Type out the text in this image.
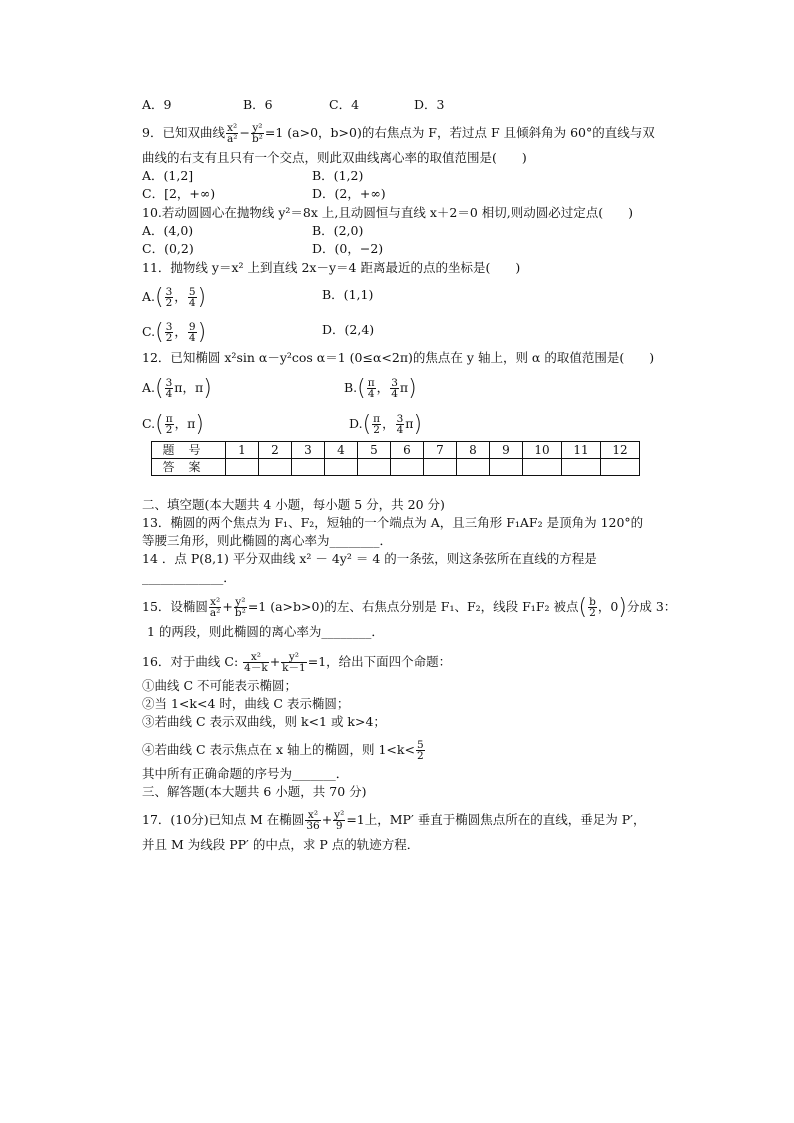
A．9	B．6	C．4	D．3
9．已知双曲线 $\frac{\text{x²}}{\text{a²}} - \frac{\text{y²}}{\text{b²}} =1$ (a>0，b>0)的右焦点为 F，若过点 F 且倾斜角为 60°的直线与双
曲线的右支有且只有一个交点，则此双曲线离心率的取值范围是(　　)
A．(1,2]	B．(1,2)
C．[2，+∞)	D．(2，+∞)
10.若动圆圆心在抛物线 y²＝8x 上,且动圆恒与直线 x＋2＝0 相切,则动圆必过定点(　　)
A．(4,0)	B．(2,0)
C．(0,2)	D．(0，−2)
11．抛物线 y＝x² 上到直线 2x－y＝4 距离最近的点的坐标是(　　)
$A.( \frac{3}{2}$ ， $\frac{5}{4}$ )	B．(1,1)
$C.( \frac{3}{2}$ ， $\frac{9}{4}$ )	D．(2,4)
12．已知椭圆 x²sin α－y²cos α＝1 (0≤α<2π)的焦点在 y 轴上，则 α 的取值范围是(　　)
$A.( \frac{3}{4}$ π，π)	$B.( \frac{\pi}{4}$ ， $\frac{3}{4} \pi$)
$C.( \frac{\pi}{2}$ ，π)	$D.( \frac{\pi}{2}$ ， $\frac{3}{4} \pi$)
题号	1	2	3	4	5	6	7	8	9	10	11	12
答案												
二、填空题(本大题共 4 小题，每小题 5 分，共 20 分)
13．椭圆的两个焦点为 F₁、F₂，短轴的一个端点为 A，且三角形 F₁AF₂ 是顶角为 120°的
等腰三角形，则此椭圆的离心率为________．
14 ．点 P(8,1) 平分双曲线 x² － 4y² ＝ 4 的一条弦，则这条弦所在直线的方程是
_____________．
15．设椭圆 $\frac{\text{x²}}{\text{a²}} + \frac{\text{y²}}{\text{b²}} =1$ (a>b>0)的左、右焦点分别是 F₁、F₂，线段 F₁F₂ 被点( $\frac{b}{2}$ ，0)分成 3：
1 的两段，则此椭圆的离心率为________．
16．对于曲线 C: $\frac{\text{x²}}{4-k} + \frac{\text{y²}}{k-1} =1$，给出下面四个命题：
①曲线 C 不可能表示椭圆；
②当 1<k<4 时，曲线 C 表示椭圆；
③若曲线 C 表示双曲线，则 k<1 或 k>4；
④若曲线 C 表示焦点在 x 轴上的椭圆，则 $1<k< \frac{5}{2}$
其中所有正确命题的序号为_______．
三、解答题(本大题共 6 小题，共 70 分)
17．(10分)已知点 M 在椭圆 $\frac{\text{x²}}{36} + \frac{\text{y²}}{9} =1$上，MP′ 垂直于椭圆焦点所在的直线，垂足为 P′，
并且 M 为线段 PP′ 的中点，求 P 点的轨迹方程．
